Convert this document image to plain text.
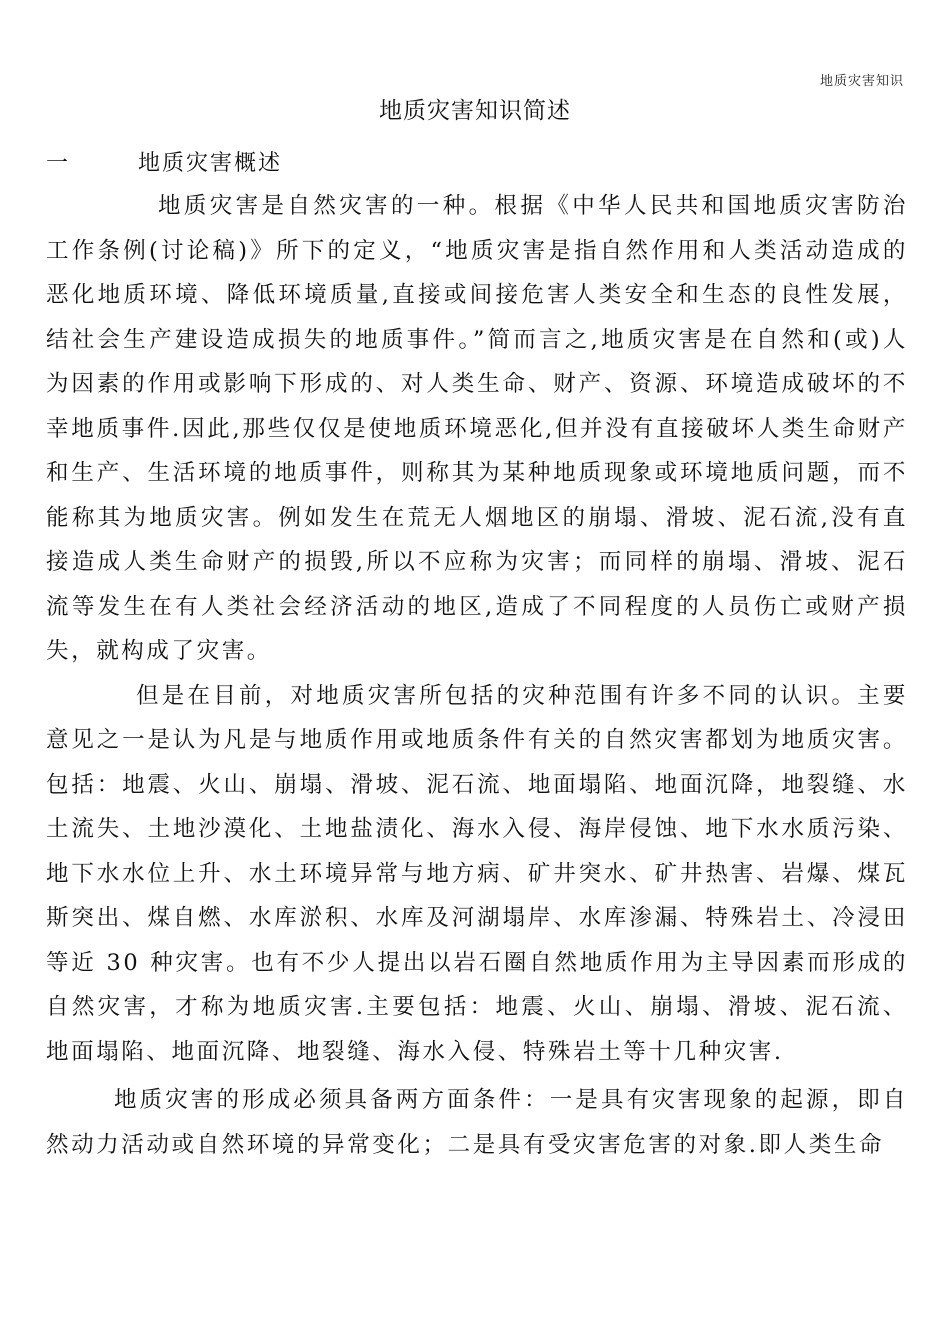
地质灾害知识
地质灾害知识简述
一	地质灾害概述

地质灾害是自然灾害的一种。根据《中华人民共和国地质灾害防治工作条例(讨论稿)》所下的定义，“地质灾害是指自然作用和人类活动造成的恶化地质环境、降低环境质量,直接或间接危害人类安全和生态的良性发展，结社会生产建设造成损失的地质事件。”简而言之,地质灾害是在自然和(或)人为因素的作用或影响下形成的、对人类生命、财产、资源、环境造成破坏的不幸地质事件.因此,那些仅仅是使地质环境恶化,但并没有直接破坏人类生命财产和生产、生活环境的地质事件，则称其为某种地质现象或环境地质问题，而不能称其为地质灾害。例如发生在荒无人烟地区的崩塌、滑坡、泥石流,没有直接造成人类生命财产的损毁,所以不应称为灾害；而同样的崩塌、滑坡、泥石流等发生在有人类社会经济活动的地区,造成了不同程度的人员伤亡或财产损失，就构成了灾害。

但是在目前，对地质灾害所包括的灾种范围有许多不同的认识。主要意见之一是认为凡是与地质作用或地质条件有关的自然灾害都划为地质灾害。包括：地震、火山、崩塌、滑坡、泥石流、地面塌陷、地面沉降，地裂缝、水土流失、土地沙漠化、土地盐渍化、海水入侵、海岸侵蚀、地下水水质污染、地下水水位上升、水土环境异常与地方病、矿井突水、矿井热害、岩爆、煤瓦斯突出、煤自燃、水库淤积、水库及河湖塌岸、水库渗漏、特殊岩土、冷浸田等近 30 种灾害。也有不少人提出以岩石圈自然地质作用为主导因素而形成的自然灾害，才称为地质灾害.主要包括：地震、火山、崩塌、滑坡、泥石流、地面塌陷、地面沉降、地裂缝、海水入侵、特殊岩土等十几种灾害.

地质灾害的形成必须具备两方面条件：一是具有灾害现象的起源，即自然动力活动或自然环境的异常变化；二是具有受灾害危害的对象.即人类生命
